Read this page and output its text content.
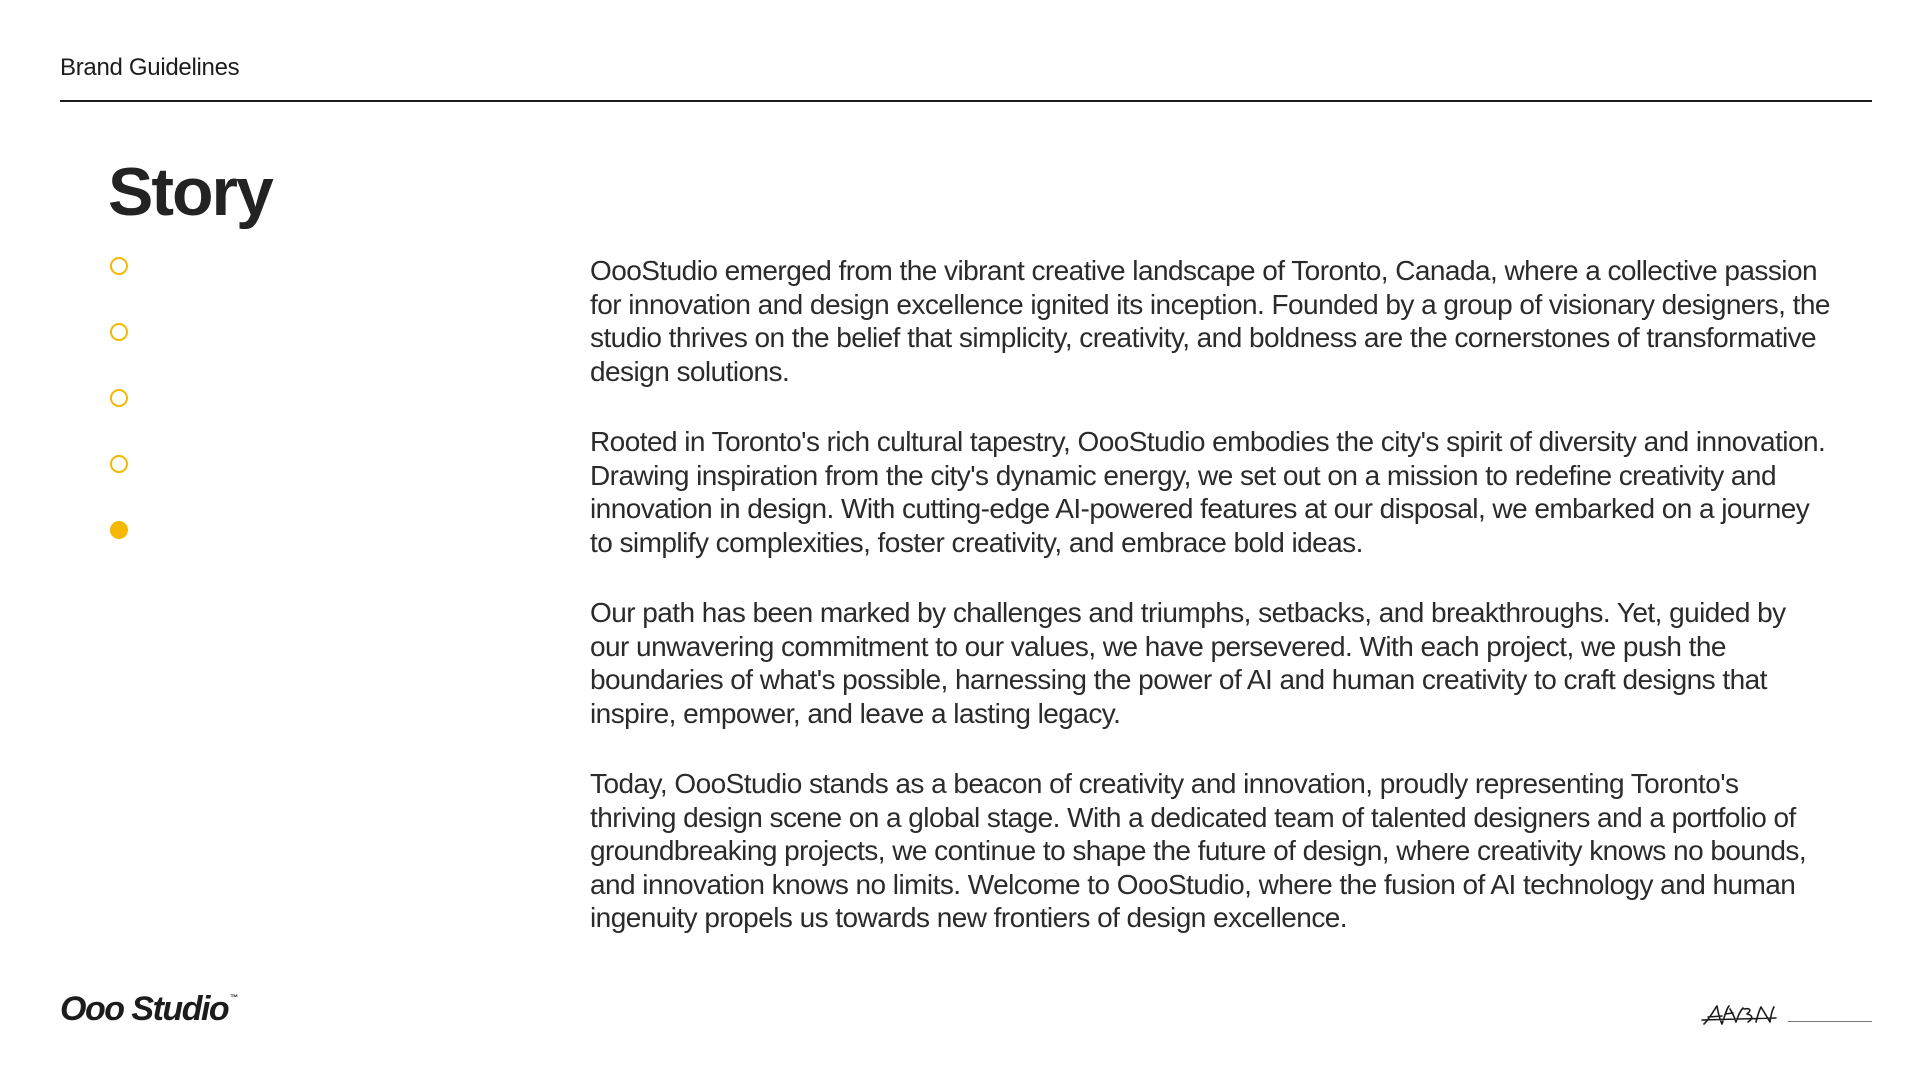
Brand Guidelines
Story

OooStudio emerged from the vibrant creative landscape of Toronto, Canada, where a collective passion for innovation and design excellence ignited its inception. Founded by a group of visionary designers, the studio thrives on the belief that simplicity, creativity, and boldness are the cornerstones of transformative design solutions.

Rooted in Toronto's rich cultural tapestry, OooStudio embodies the city's spirit of diversity and innovation. Drawing inspiration from the city's dynamic energy, we set out on a mission to redefine creativity and innovation in design. With cutting-edge AI-powered features at our disposal, we embarked on a journey to simplify complexities, foster creativity, and embrace bold ideas.

Our path has been marked by challenges and triumphs, setbacks, and breakthroughs. Yet, guided by our unwavering commitment to our values, we have persevered. With each project, we push the boundaries of what's possible, harnessing the power of AI and human creativity to craft designs that inspire, empower, and leave a lasting legacy.

Today, OooStudio stands as a beacon of creativity and innovation, proudly representing Toronto's thriving design scene on a global stage. With a dedicated team of talented designers and a portfolio of groundbreaking projects, we continue to shape the future of design, where creativity knows no bounds, and innovation knows no limits. Welcome to OooStudio, where the fusion of AI technology and human ingenuity propels us towards new frontiers of design excellence.

Ooo Studio ™
